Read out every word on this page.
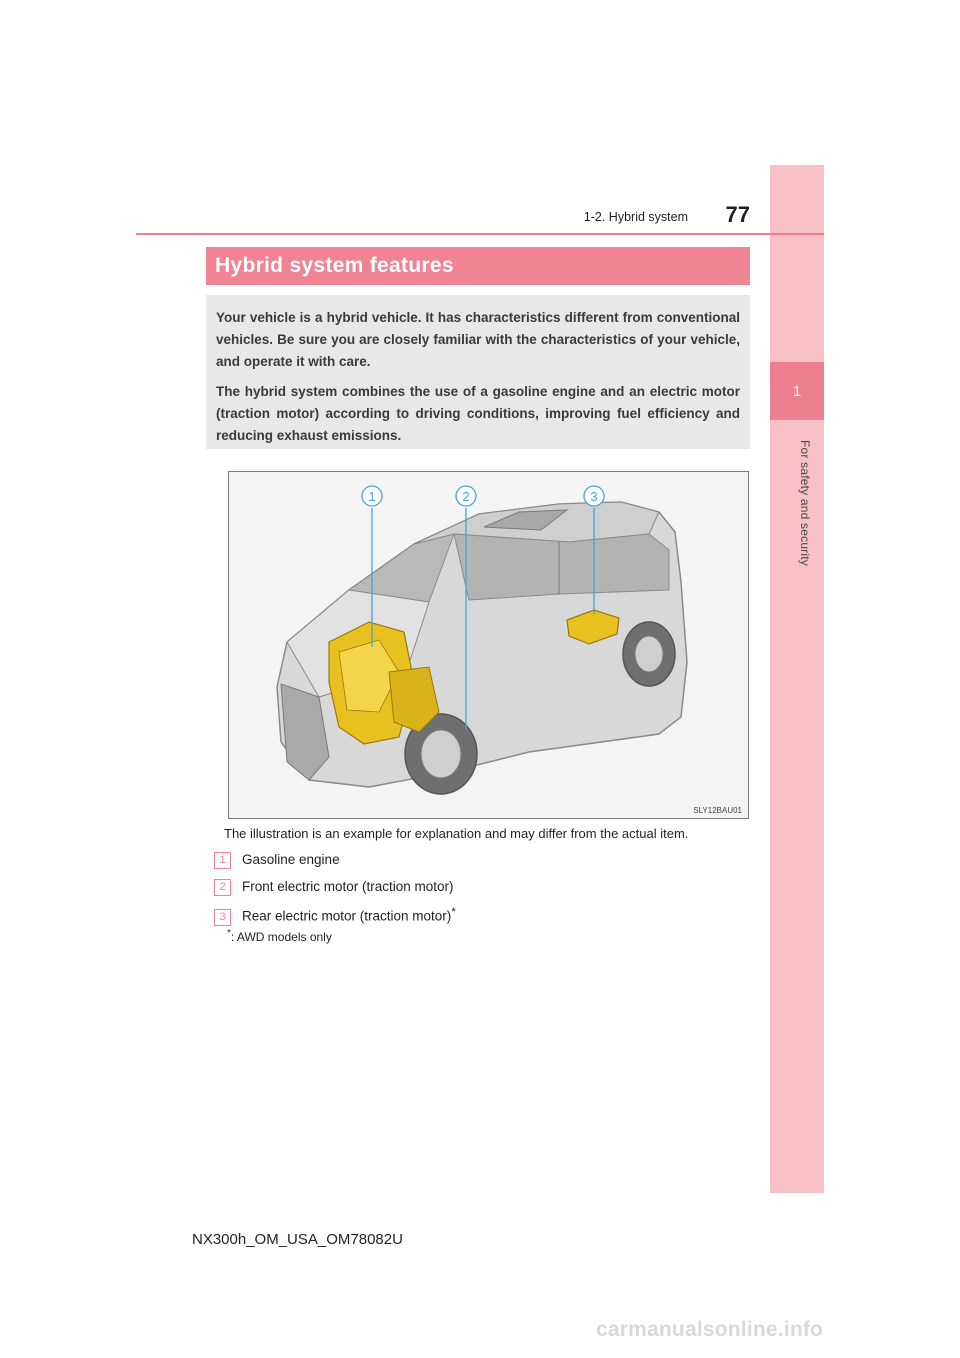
1
For safety and security
1-2. Hybrid system	77
Hybrid system features

Your vehicle is a hybrid vehicle. It has characteristics different from conventional vehicles. Be sure you are closely familiar with the characteristics of your vehicle, and operate it with care.

The hybrid system combines the use of a gasoline engine and an electric motor (traction motor) according to driving conditions, improving fuel efficiency and reducing exhaust emissions.

1	2	3
SLY12BAU01
The illustration is an example for explanation and may differ from the actual item.
1 Gasoline engine
2 Front electric motor (traction motor)
3 Rear electric motor (traction motor)*
*: AWD models only
NX300h_OM_USA_OM78082U
carmanualsonline.info
